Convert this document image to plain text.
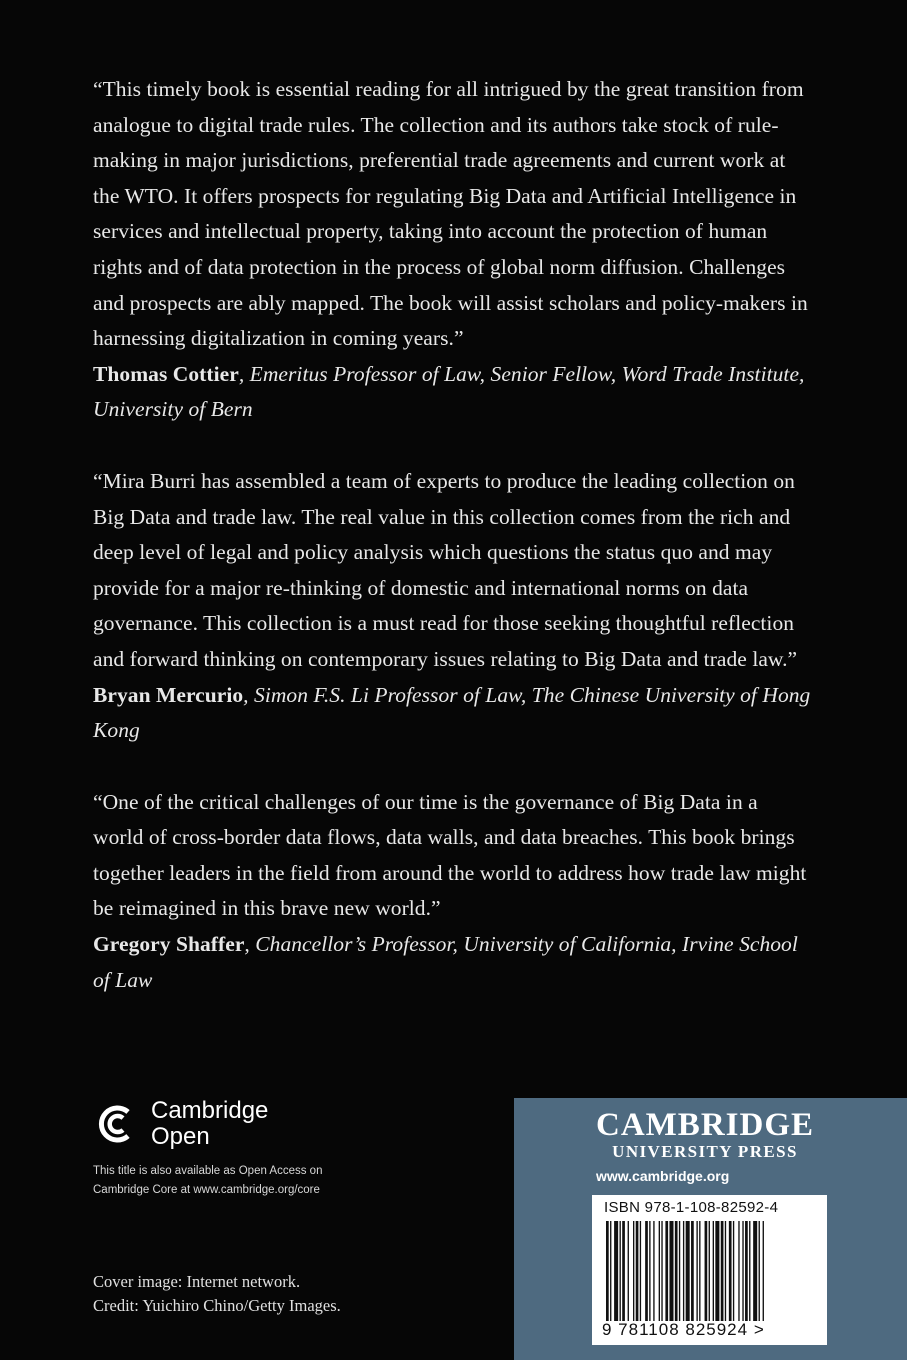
“This timely book is essential reading for all intrigued by the great transition from analogue to digital trade rules. The collection and its authors take stock of rule-making in major jurisdictions, preferential trade agreements and current work at the WTO. It offers prospects for regulating Big Data and Artificial Intelligence in services and intellectual property, taking into account the protection of human rights and of data protection in the process of global norm diffusion. Challenges and prospects are ably mapped. The book will assist scholars and policy-makers in harnessing digitalization in coming years.”

Thomas Cottier, Emeritus Professor of Law, Senior Fellow, Word Trade Institute, University of Bern

“Mira Burri has assembled a team of experts to produce the leading collection on Big Data and trade law. The real value in this collection comes from the rich and deep level of legal and policy analysis which questions the status quo and may provide for a major re-thinking of domestic and international norms on data governance. This collection is a must read for those seeking thoughtful reflection and forward thinking on contemporary issues relating to Big Data and trade law.”

Bryan Mercurio, Simon F.S. Li Professor of Law, The Chinese University of Hong Kong

“One of the critical challenges of our time is the governance of Big Data in a world of cross-border data flows, data walls, and data breaches. This book brings together leaders in the field from around the world to address how trade law might be reimagined in this brave new world.”

Gregory Shaffer, Chancellor’s Professor, University of California, Irvine School of Law
Cambridge
Open
This title is also available as Open Access on
Cambridge Core at www.cambridge.org/core
Cover image: Internet network.
Credit: Yuichiro Chino/Getty Images.
CAMBRIDGE
UNIVERSITY PRESS
www.cambridge.org
ISBN 978-1-108-82592-4
9 781108 825924 >
